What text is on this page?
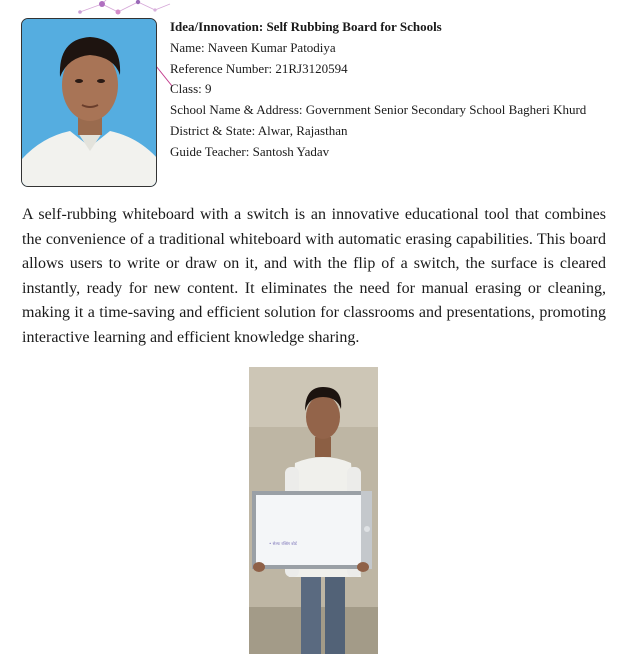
Idea/Innovation: Self Rubbing Board for Schools
Name: Naveen Kumar Patodiya
Reference Number: 21RJ3120594
Class: 9
School Name & Address: Government Senior Secondary School Bagheri Khurd
District & State: Alwar, Rajasthan
Guide Teacher: Santosh Yadav

A self-rubbing whiteboard with a switch is an innovative educational tool that combines the convenience of a traditional whiteboard with automatic erasing capabilities. This board allows users to write or draw on it, and with the flip of a switch, the surface is cleared instantly, ready for new content. It eliminates the need for manual erasing or cleaning, making it a time-saving and efficient solution for classrooms and presentations, promoting interactive learning and efficient knowledge sharing.

• सेल्फ रब्बिंग बोर्ड
